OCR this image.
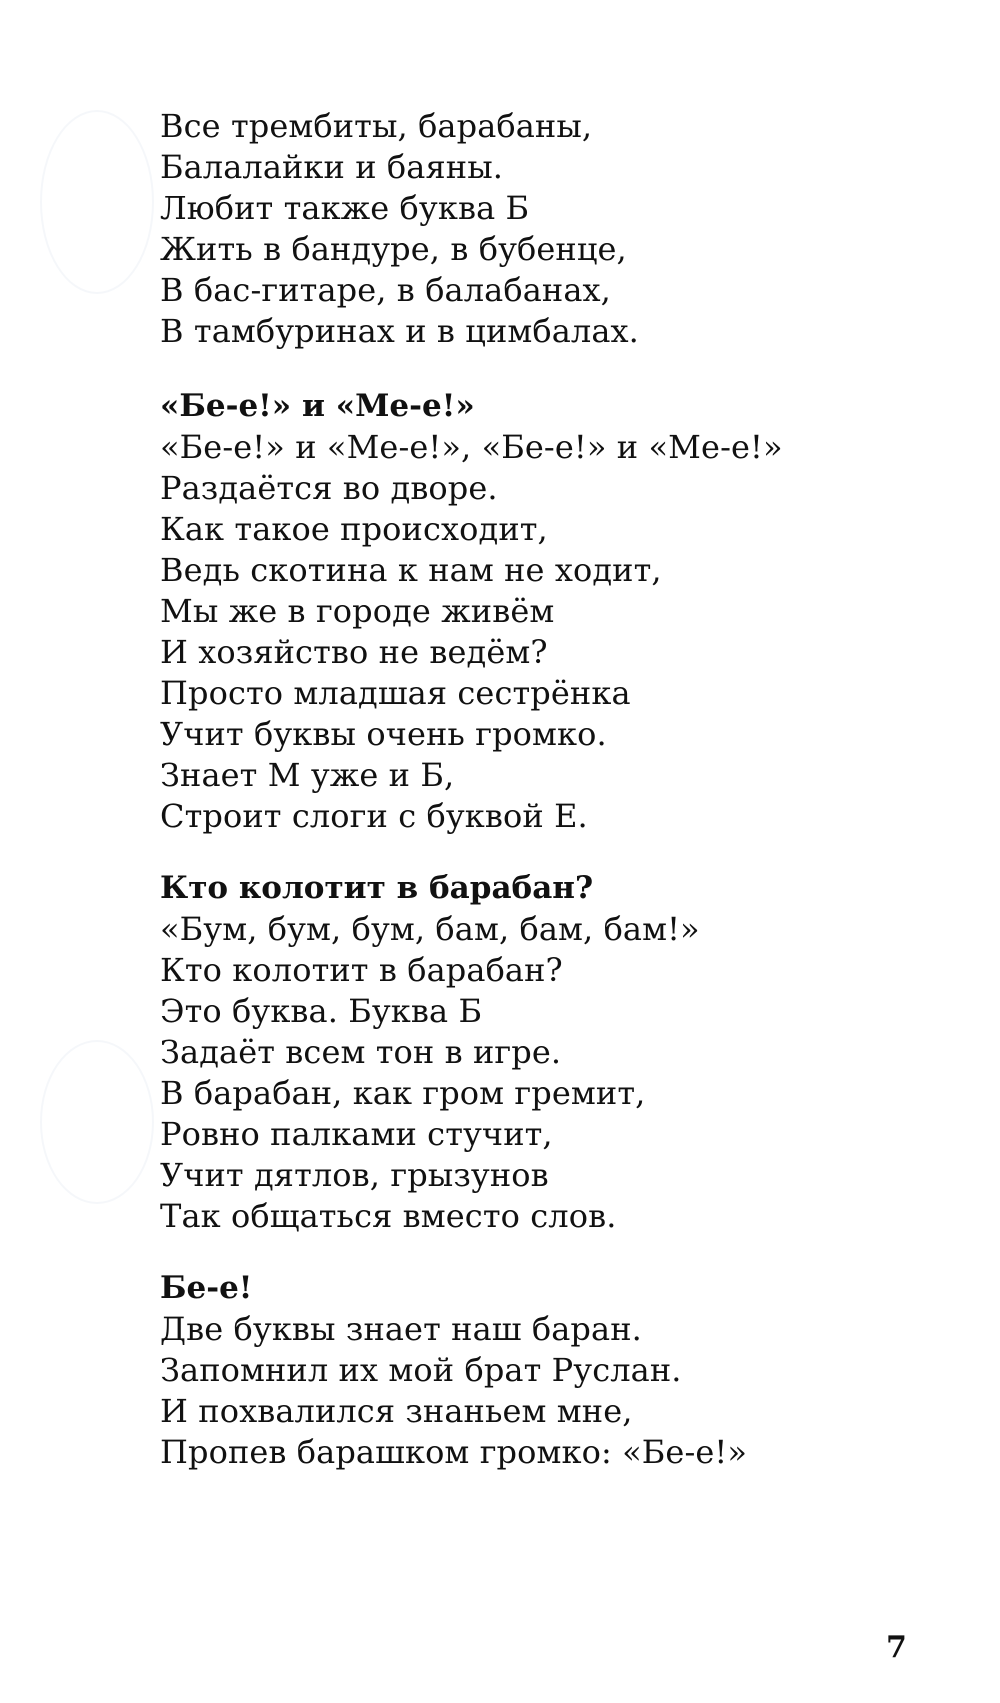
Все трембиты, барабаны,
Балалайки и баяны.
Любит также буква Б
Жить в бандуре, в бубенце,
В бас-гитаре, в балабанах,
В тамбуринах и в цимбалах.
«Бе-е!» и «Ме-е!»
«Бе-е!» и «Ме-е!», «Бе-е!» и «Ме-е!»
Раздаётся во дворе.
Как такое происходит,
Ведь скотина к нам не ходит,
Мы же в городе живём
И хозяйство не ведём?
Просто младшая сестрёнка
Учит буквы очень громко.
Знает М уже и Б,
Строит слоги с буквой Е.
Кто колотит в барабан?
«Бум, бум, бум, бам, бам, бам!»
Кто колотит в барабан?
Это буква. Буква Б
Задаёт всем тон в игре.
В барабан, как гром гремит,
Ровно палками стучит,
Учит дятлов, грызунов
Так общаться вместо слов.
Бе-е!
Две буквы знает наш баран.
Запомнил их мой брат Руслан.
И похвалился знаньем мне,
Пропев барашком громко: «Бе-е!»
7
